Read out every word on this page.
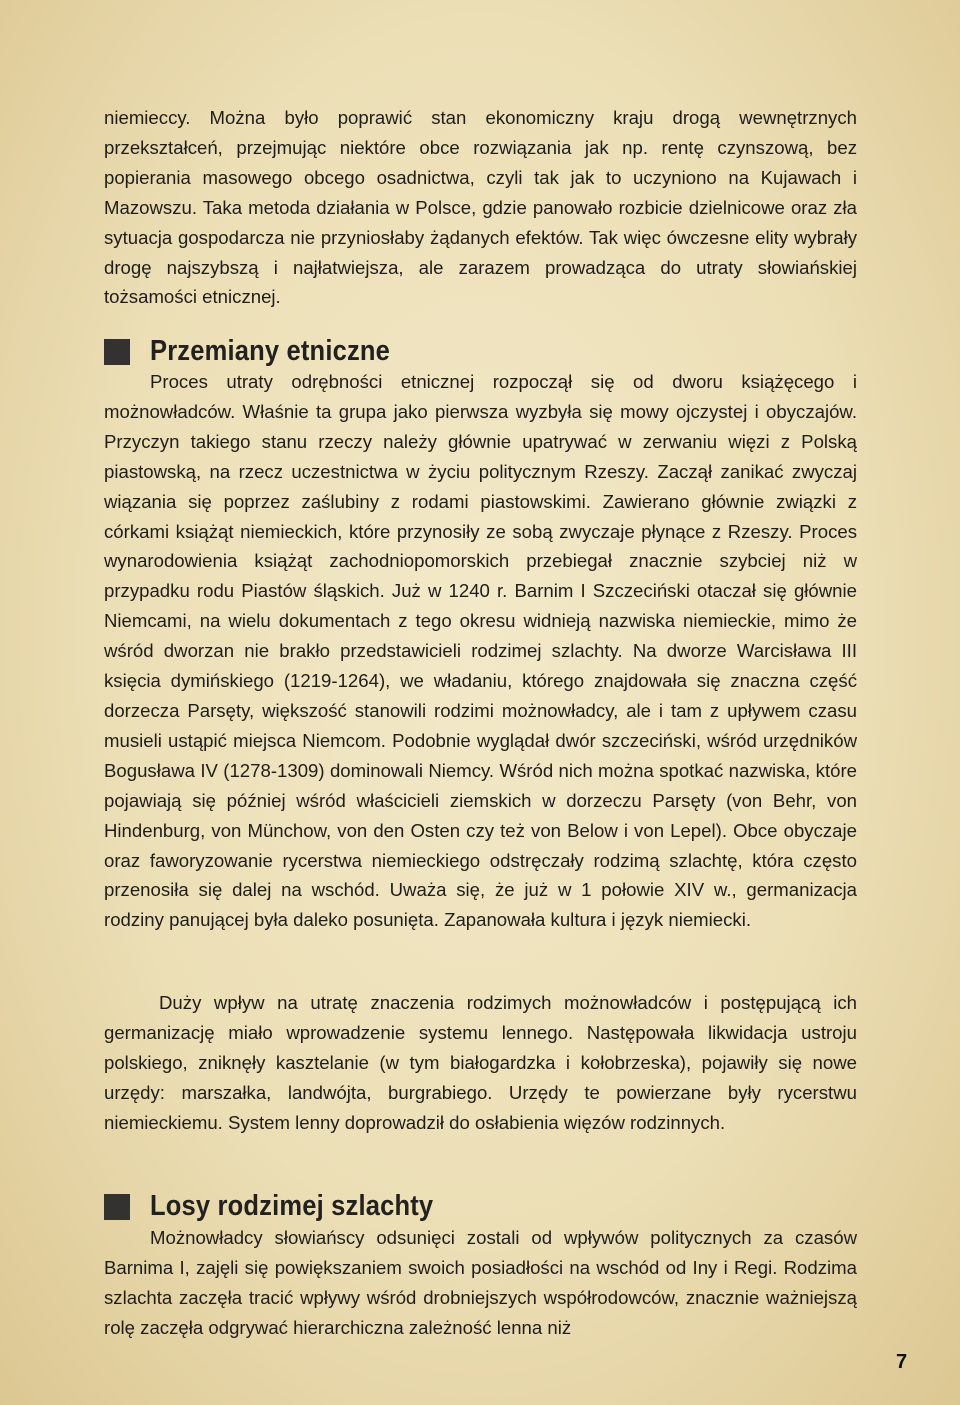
niemieccy. Można było poprawić stan ekonomiczny kraju drogą wewnętrznych przekształceń, przejmując niektóre obce rozwiązania jak np. rentę czynszową, bez popierania masowego obcego osadnictwa, czyli tak jak to uczyniono na Kujawach i Mazowszu. Taka metoda działania w Polsce, gdzie panowało rozbicie dzielnicowe oraz zła sytuacja gospodarcza nie przyniosłaby żądanych efektów. Tak więc ówczesne elity wybrały drogę najszybszą i najłatwiejsza, ale zarazem prowadząca do utraty słowiańskiej tożsamości etnicznej.

Przemiany etniczne

Proces utraty odrębności etnicznej rozpoczął się od dworu książęcego i możnowładców. Właśnie ta grupa jako pierwsza wyzbyła się mowy ojczystej i obyczajów. Przyczyn takiego stanu rzeczy należy głównie upatrywać w zerwaniu więzi z Polską piastowską, na rzecz uczestnictwa w życiu politycznym Rzeszy. Zaczął zanikać zwyczaj wiązania się poprzez zaślubiny z rodami piastowskimi. Zawierano głównie związki z córkami książąt niemieckich, które przynosiły ze sobą zwyczaje płynące z Rzeszy. Proces wynarodowienia książąt zachodniopomorskich przebiegał znacznie szybciej niż w przypadku rodu Piastów śląskich. Już w 1240 r. Barnim I Szczeciński otaczał się głównie Niemcami, na wielu dokumentach z tego okresu widnieją nazwiska niemieckie, mimo że wśród dworzan nie brakło przedstawicieli rodzimej szlachty. Na dworze Warcisława III księcia dymińskiego (1219-1264), we władaniu, którego znajdowała się znaczna część dorzecza Parsęty, większość stanowili rodzimi możnowładcy, ale i tam z upływem czasu musieli ustąpić miejsca Niemcom. Podobnie wyglądał dwór szczeciński, wśród urzędników Bogusława IV (1278-1309) dominowali Niemcy. Wśród nich można spotkać nazwiska, które pojawiają się później wśród właścicieli ziemskich w dorzeczu Parsęty (von Behr, von Hindenburg, von Münchow, von den Osten czy też von Below i von Lepel). Obce obyczaje oraz faworyzowanie rycerstwa niemieckiego odstręczały rodzimą szlachtę, która często przenosiła się dalej na wschód. Uważa się, że już w 1 połowie XIV w., germanizacja rodziny panującej była daleko posunięta. Zapanowała kultura i język niemiecki.

Duży wpływ na utratę znaczenia rodzimych możnowładców i postępującą ich germanizację miało wprowadzenie systemu lennego. Następowała likwidacja ustroju polskiego, zniknęły kasztelanie (w tym białogardzka i kołobrzeska), pojawiły się nowe urzędy: marszałka, landwójta, burgrabiego. Urzędy te powierzane były rycerstwu niemieckiemu. System lenny doprowadził do osłabienia więzów rodzinnych.

Losy rodzimej szlachty

Możnowładcy słowiańscy odsunięci zostali od wpływów politycznych za czasów Barnima I, zajęli się powiększaniem swoich posiadłości na wschód od Iny i Regi. Rodzima szlachta zaczęła tracić wpływy wśród drobniejszych współrodowców, znacznie ważniejszą rolę zaczęła odgrywać hierarchiczna zależność lenna niż

7
